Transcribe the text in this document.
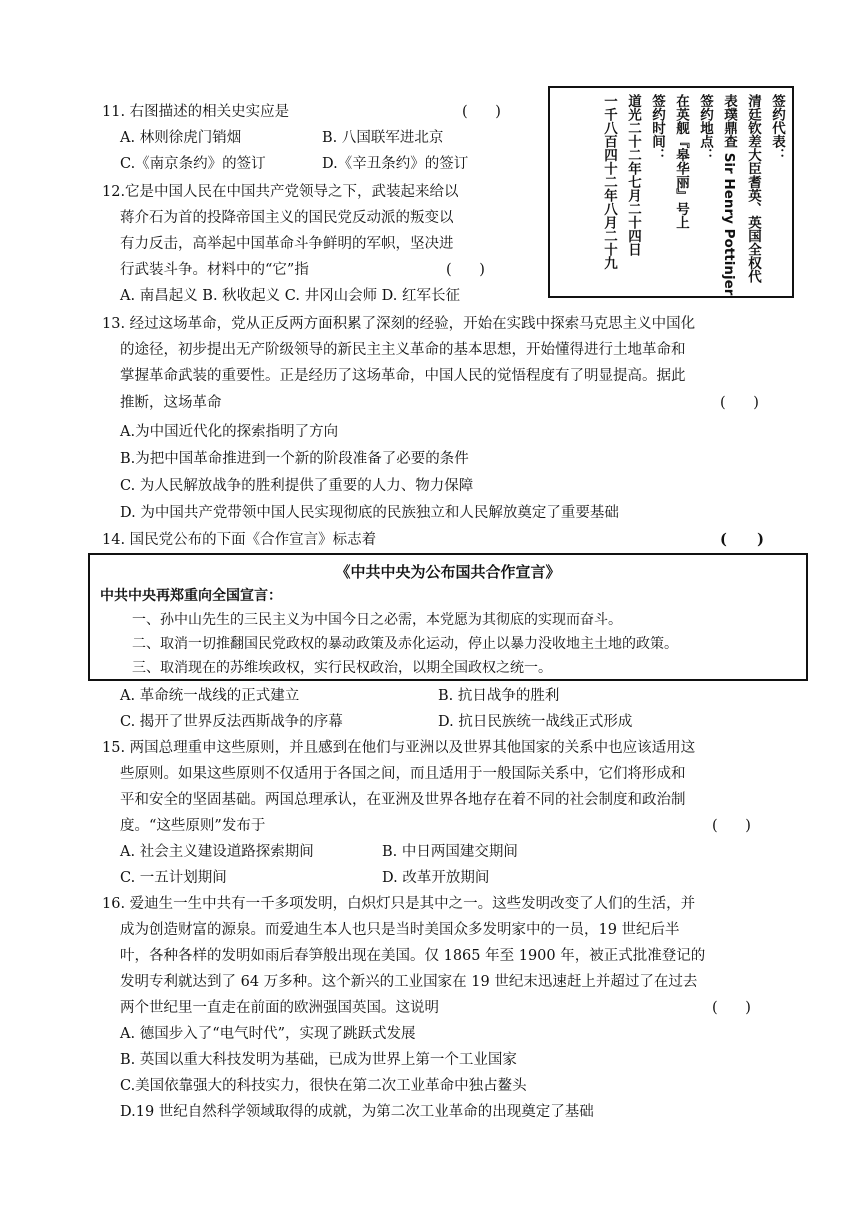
签约代表：
清廷钦差大臣耆英、英国全权代
表璞鼎查 Sir Henry Pottinjer
签约地点：
在英舰『皋华丽』号上
签约时间：
道光二十二年七月二十四日
一千八百四十二年八月二十九
11. 右图描述的相关史实应是	(      )
A. 林则徐虎门销烟	B. 八国联军进北京
C.《南京条约》的签订	D.《辛丑条约》的签订
12.它是中国人民在中国共产党领导之下，武装起来给以
蒋介石为首的投降帝国主义的国民党反动派的叛变以
有力反击，高举起中国革命斗争鲜明的军帜，坚决进
行武装斗争。材料中的“它”指	(      )
A. 南昌起义 B. 秋收起义 C. 井冈山会师 D. 红军长征
13. 经过这场革命，党从正反两方面积累了深刻的经验，开始在实践中探索马克思主义中国化
的途径，初步提出无产阶级领导的新民主主义革命的基本思想，开始懂得进行土地革命和
掌握革命武装的重要性。正是经历了这场革命，中国人民的觉悟程度有了明显提高。据此
推断，这场革命	(      )
A.为中国近代化的探索指明了方向
B.为把中国革命推进到一个新的阶段准备了必要的条件
C. 为人民解放战争的胜利提供了重要的人力、物力保障
D. 为中国共产党带领中国人民实现彻底的民族独立和人民解放奠定了重要基础
14. 国民党公布的下面《合作宣言》标志着	(      )
《中共中央为公布国共合作宣言》
中共中央再郑重向全国宣言：
一、孙中山先生的三民主义为中国今日之必需，本党愿为其彻底的实现而奋斗。
二、取消一切推翻国民党政权的暴动政策及赤化运动，停止以暴力没收地主土地的政策。
三、取消现在的苏维埃政权，实行民权政治，以期全国政权之统一。
A. 革命统一战线的正式建立	B. 抗日战争的胜利
C. 揭开了世界反法西斯战争的序幕	D. 抗日民族统一战线正式形成
15. 两国总理重申这些原则，并且感到在他们与亚洲以及世界其他国家的关系中也应该适用这
些原则。如果这些原则不仅适用于各国之间，而且适用于一般国际关系中，它们将形成和
平和安全的坚固基础。两国总理承认，在亚洲及世界各地存在着不同的社会制度和政治制
度。“这些原则”发布于	(      )
A. 社会主义建设道路探索期间	B. 中日两国建交期间
C. 一五计划期间	D. 改革开放期间
16. 爱迪生一生中共有一千多项发明，白炽灯只是其中之一。这些发明改变了人们的生活，并
成为创造财富的源泉。而爱迪生本人也只是当时美国众多发明家中的一员，19 世纪后半
叶，各种各样的发明如雨后春笋般出现在美国。仅 1865 年至 1900 年，被正式批准登记的
发明专利就达到了 64 万多种。这个新兴的工业国家在 19 世纪末迅速赶上并超过了在过去
两个世纪里一直走在前面的欧洲强国英国。这说明	(      )
A. 德国步入了“电气时代”，实现了跳跃式发展
B. 英国以重大科技发明为基础，已成为世界上第一个工业国家
C.美国依靠强大的科技实力，很快在第二次工业革命中独占鳌头
D.19 世纪自然科学领域取得的成就，为第二次工业革命的出现奠定了基础
